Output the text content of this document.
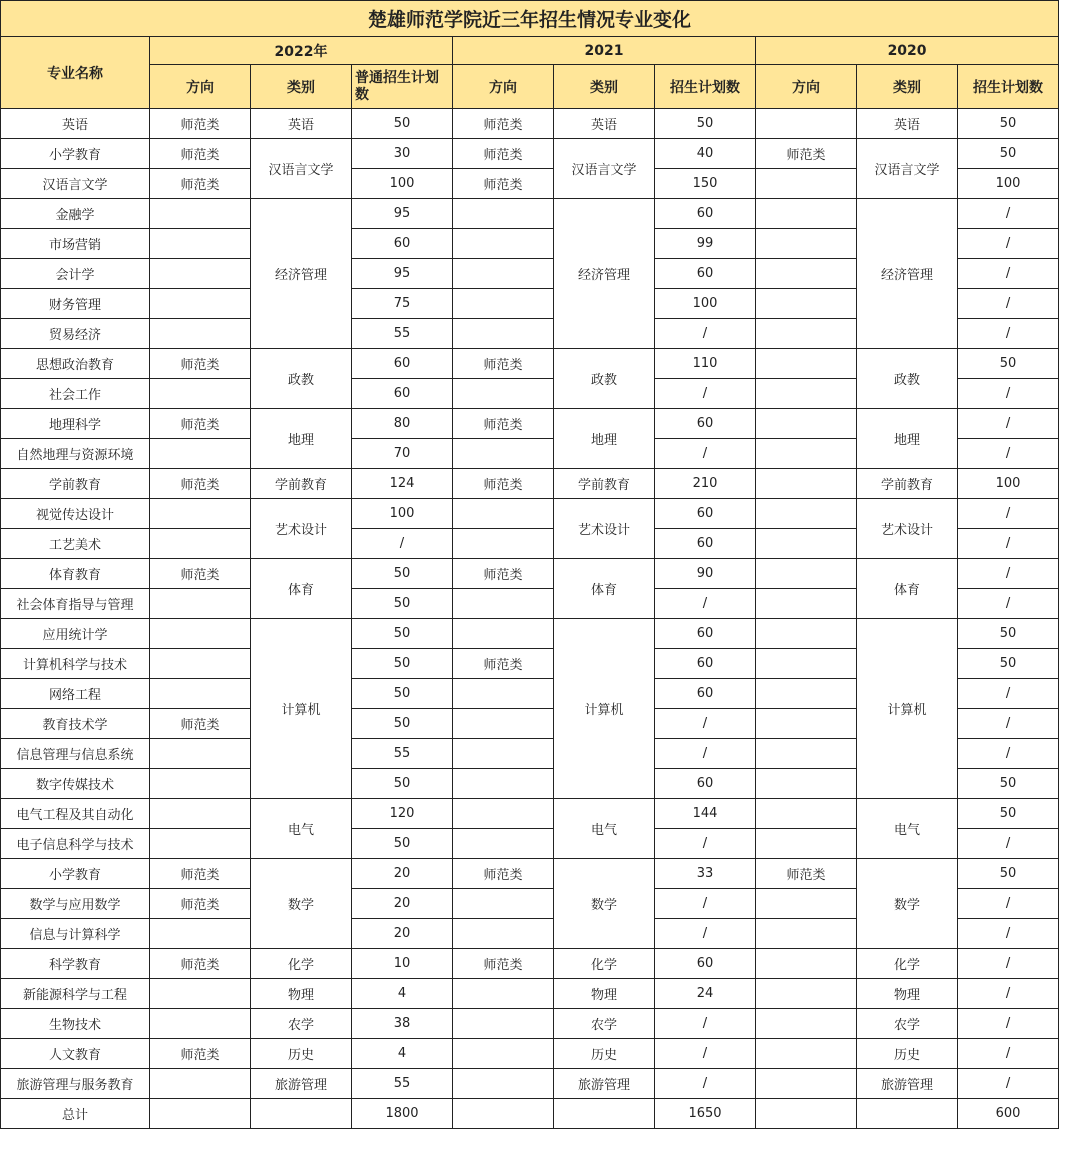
楚雄师范学院近三年招生情况专业变化									
专业名称	2022年			2021			2020		
	方向	类别	普通招生计划数	方向	类别	招生计划数	方向	类别	招生计划数
英语	师范类	英语	50	师范类	英语	50		英语	50
小学教育	师范类	汉语言文学	30	师范类	汉语言文学	40	师范类	汉语言文学	50
汉语言文学	师范类		100	师范类		150			100
金融学		经济管理	95		经济管理	60		经济管理	/
市场营销			60			99			/
会计学			95			60			/
财务管理			75			100			/
贸易经济			55			/			/
思想政治教育	师范类	政教	60	师范类	政教	110		政教	50
社会工作			60			/			/
地理科学	师范类	地理	80	师范类	地理	60		地理	/
自然地理与资源环境			70			/			/
学前教育	师范类	学前教育	124	师范类	学前教育	210		学前教育	100
视觉传达设计		艺术设计	100		艺术设计	60		艺术设计	/
工艺美术			/			60			/
体育教育	师范类	体育	50	师范类	体育	90		体育	/
社会体育指导与管理			50			/			/
应用统计学		计算机	50		计算机	60		计算机	50
计算机科学与技术			50	师范类		60			50
网络工程			50			60			/
教育技术学	师范类		50			/			/
信息管理与信息系统			55			/			/
数字传媒技术			50			60			50
电气工程及其自动化		电气	120		电气	144		电气	50
电子信息科学与技术			50			/			/
小学教育	师范类	数学	20	师范类	数学	33	师范类	数学	50
数学与应用数学	师范类		20			/			/
信息与计算科学			20			/			/
科学教育	师范类	化学	10	师范类	化学	60		化学	/
新能源科学与工程		物理	4		物理	24		物理	/
生物技术		农学	38		农学	/		农学	/
人文教育	师范类	历史	4		历史	/		历史	/
旅游管理与服务教育		旅游管理	55		旅游管理	/		旅游管理	/
总计			1800			1650			600
